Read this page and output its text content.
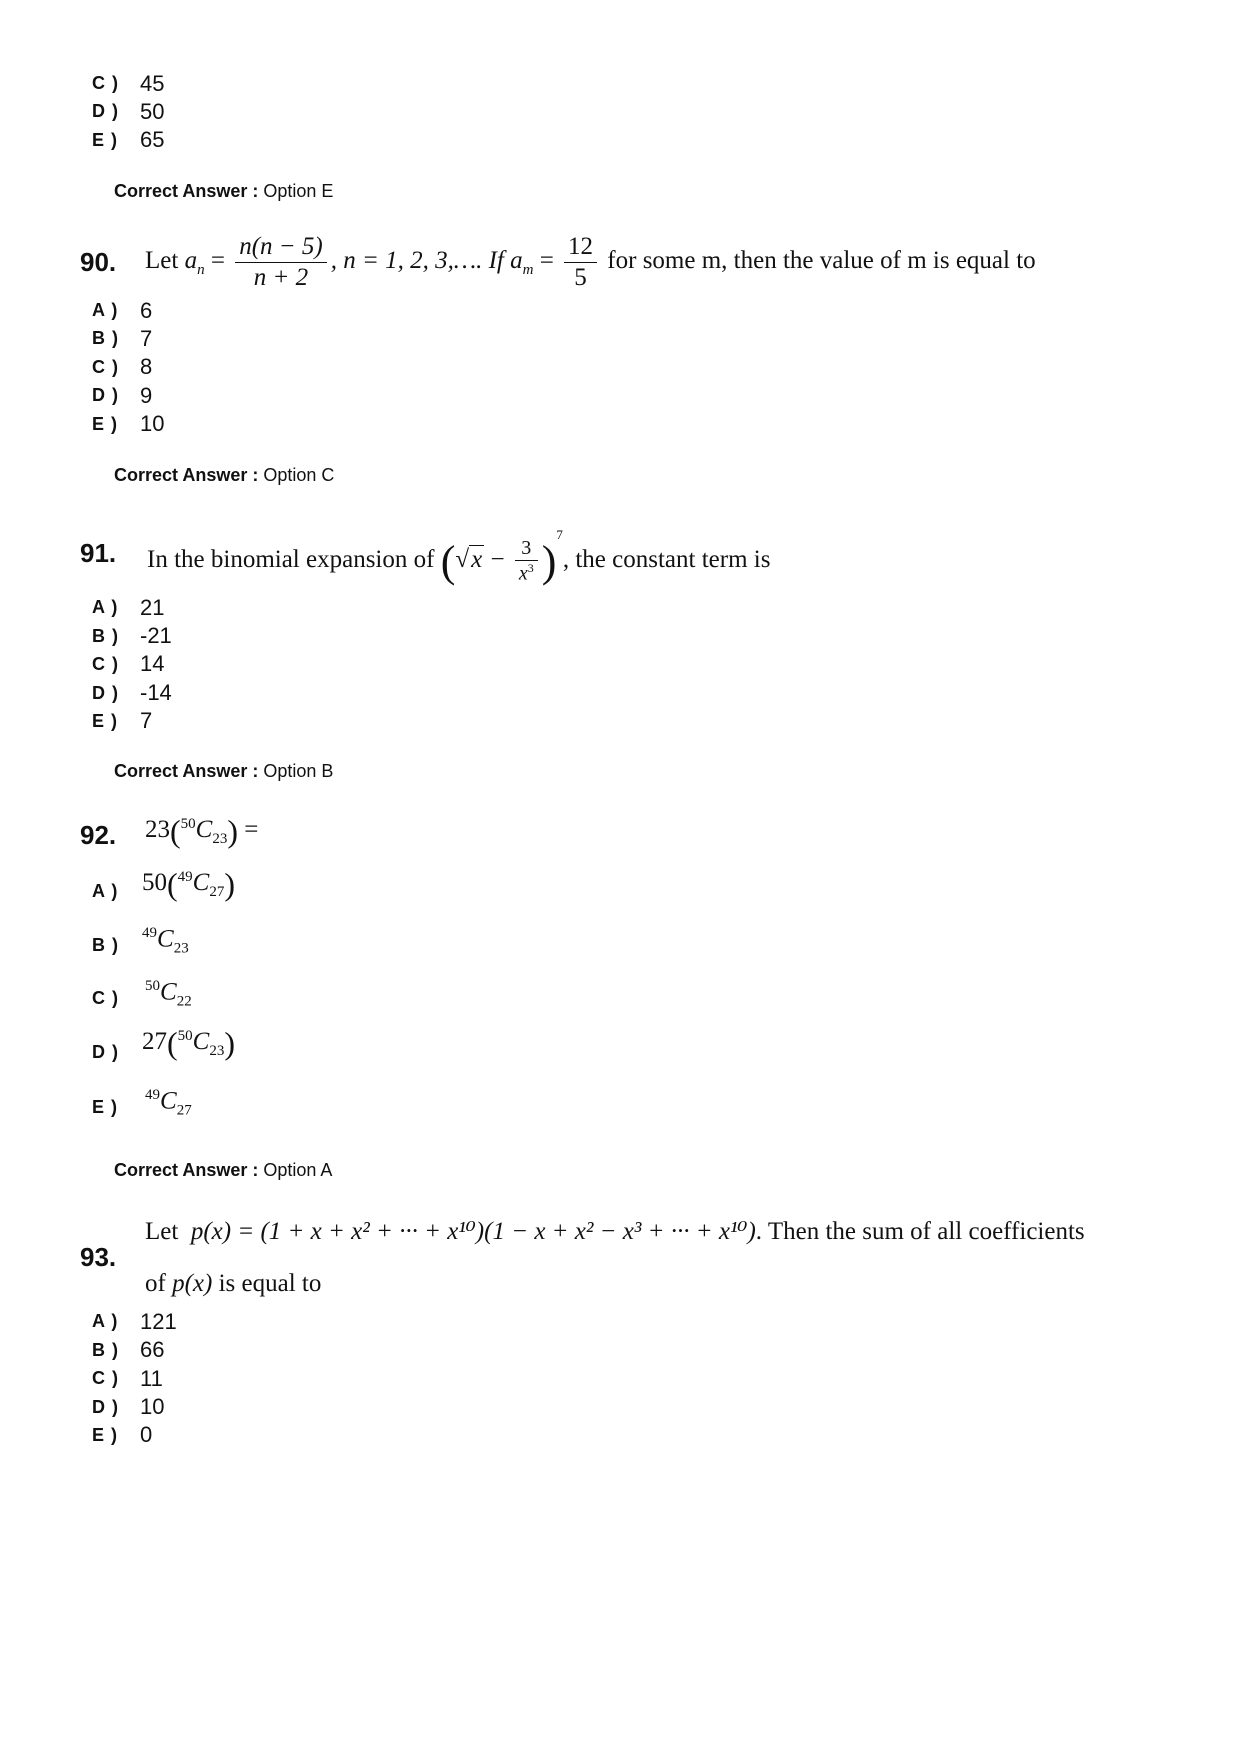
C ) 45
D ) 50
E ) 65
Correct Answer : Option E
90. Let $a_n = \frac{n(n - 5)}{n + 2}$ , n = 1, 2, 3,…. If $a_m = \frac{12}{5}$ for some m, then the value of m is equal to
A ) 6
B ) 7
C ) 8
D ) 9
E ) 10
Correct Answer : Option C
91. In the binomial expansion of $(√x - \frac{3}{x^3} )^7$, the constant term is
A ) 21
B ) -21
C ) 14
D ) -14
E ) 7
Correct Answer : Option B
92. $23(^{50}C_{23})$ =
A ) $50(^{49}C_{27})$
B )
$^{49}C_{23}$
C )
$^{50}C_{22}$
D ) $27(^{50}C_{23})$
E )
$^{49}C_{27}$
Correct Answer : Option A
93.
Let p(x) = (1 + x + x² + ··· + x¹⁰)(1 − x + x² − x³ + ··· + x¹⁰). Then the sum of all coefficients
of p(x) is equal to
A ) 121
B ) 66
C ) 11
D ) 10
E ) 0
